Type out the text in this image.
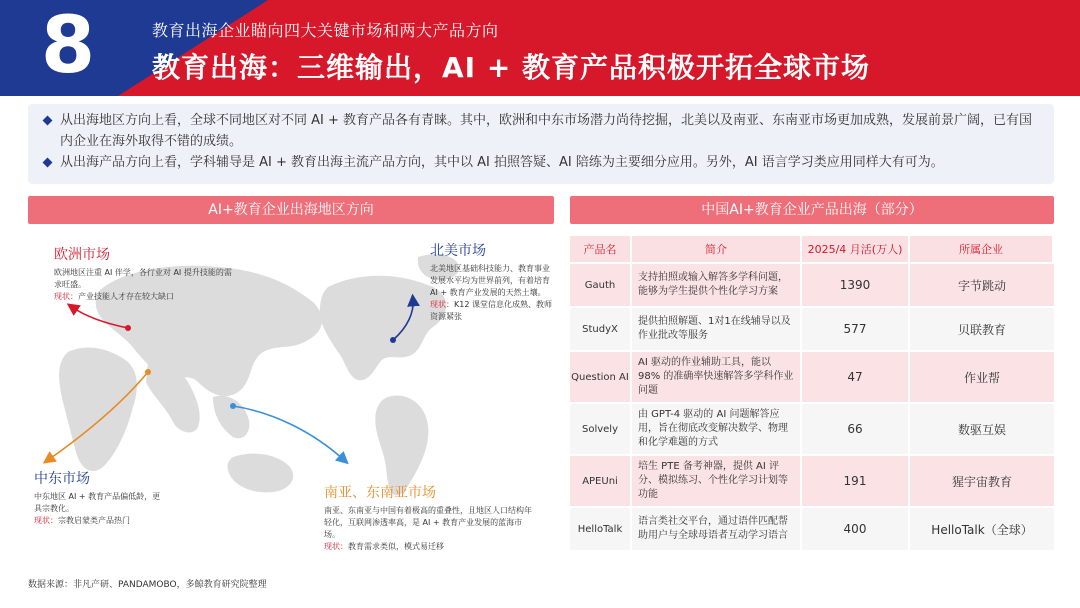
8	教育出海企业瞄向四大关键市场和两大产品方向
教育出海：三维输出，AI + 教育产品积极开拓全球市场
从出海地区方向上看，全球不同地区对不同 AI + 教育产品各有青睐。其中，欧洲和中东市场潜力尚待挖掘，北美以及南亚、东南亚市场更加成熟，发展前景广阔，已有国内企业在海外取得不错的成绩。
从出海产品方向上看，学科辅导是 AI + 教育出海主流产品方向，其中以 AI 拍照答疑、AI 陪练为主要细分应用。另外，AI 语言学习类应用同样大有可为。
AI+教育企业出海地区方向	中国AI+教育企业产品出海（部分）
欧洲市场
欧洲地区注重 AI 伴学，各行业对 AI 提升技能的需求旺盛。
现状：产业技能人才存在较大缺口
北美市场
北美地区基础科技能力、教育事业发展水平均为世界前列，有着培育 AI + 教育产业发展的天然土壤。
现状：K12 课堂信息化成熟、教师资源紧张
中东市场
中东地区 AI + 教育产品偏低龄，更具宗教化。
现状：宗教启蒙类产品热门
南亚、东南亚市场
南亚、东南亚与中国有着极高的重叠性，且地区人口结构年轻化，互联网渗透率高，是 AI + 教育产业发展的蓝海市场。
现状：教育需求类似，模式易迁移
产品名	简介	2025/4 月活(万人)	所属企业
Gauth	支持拍照或输入解答多学科问题，能够为学生提供个性化学习方案	1390	字节跳动
StudyX	提供拍照解题、1对1在线辅导以及作业批改等服务	577	贝联教育
Question AI	AI 驱动的作业辅助工具，能以 98% 的准确率快速解答多学科作业问题	47	作业帮
Solvely	由 GPT-4 驱动的 AI 问题解答应用，旨在彻底改变解决数学、物理和化学难题的方式	66	数驱互娱
APEUni	培生 PTE 备考神器，提供 AI 评分、模拟练习、个性化学习计划等功能	191	猩宇宙教育
HelloTalk	语言类社交平台，通过语伴匹配帮助用户与全球母语者互动学习语言	400	HelloTalk（全球）
数据来源：非凡产研、PANDAMOBO，多鲸教育研究院整理
